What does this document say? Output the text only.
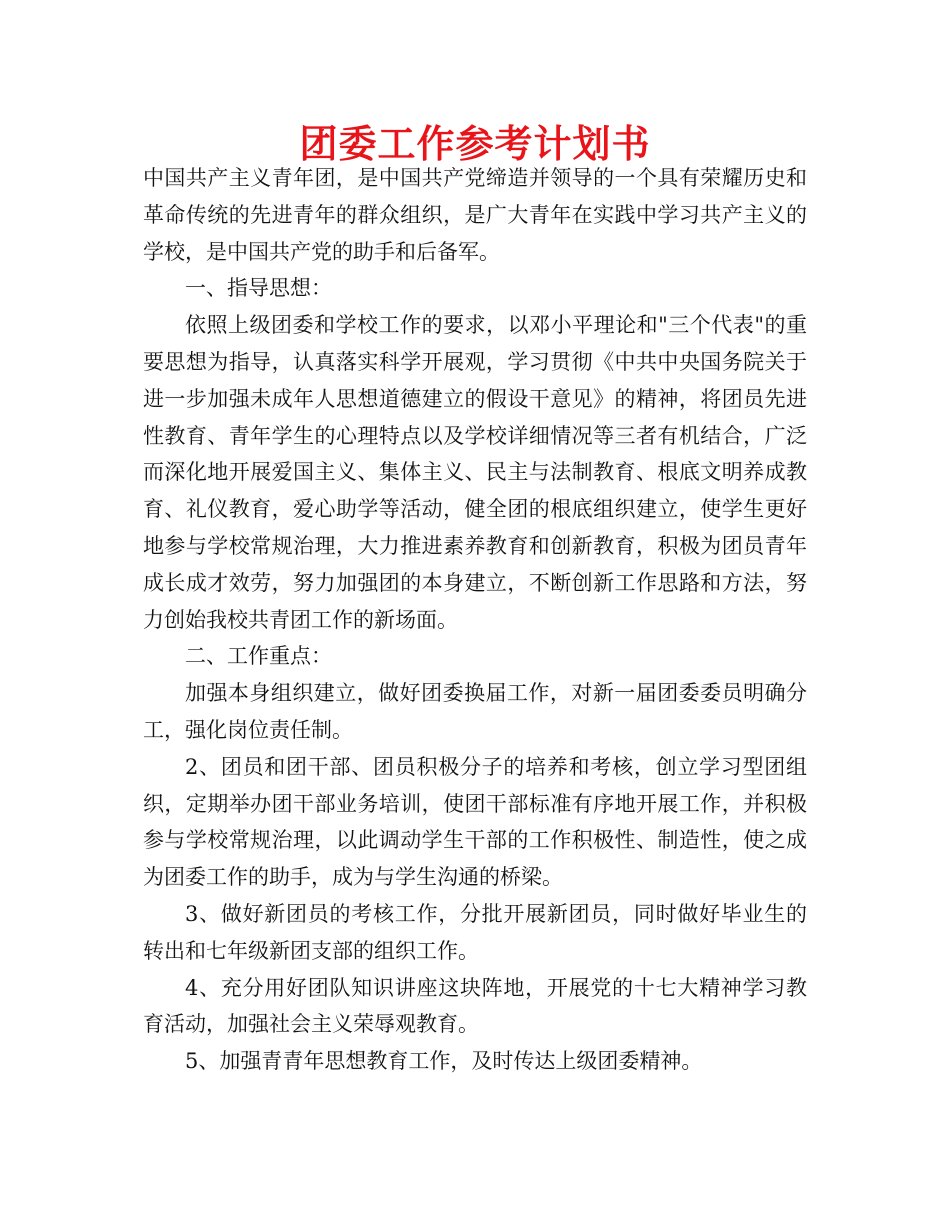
团委工作参考计划书

中国共产主义青年团，是中国共产党缔造并领导的一个具有荣耀历史和革命传统的先进青年的群众组织，是广大青年在实践中学习共产主义的学校，是中国共产党的助手和后备军。

一、指导思想：

依照上级团委和学校工作的要求，以邓小平理论和"三个代表"的重要思想为指导，认真落实科学开展观，学习贯彻《中共中央国务院关于进一步加强未成年人思想道德建立的假设干意见》的精神，将团员先进性教育、青年学生的心理特点以及学校详细情况等三者有机结合，广泛而深化地开展爱国主义、集体主义、民主与法制教育、根底文明养成教育、礼仪教育，爱心助学等活动，健全团的根底组织建立，使学生更好地参与学校常规治理，大力推进素养教育和创新教育，积极为团员青年成长成才效劳，努力加强团的本身建立，不断创新工作思路和方法，努力创始我校共青团工作的新场面。

二、工作重点：

加强本身组织建立，做好团委换届工作，对新一届团委委员明确分工，强化岗位责任制。

2、团员和团干部、团员积极分子的培养和考核，创立学习型团组织，定期举办团干部业务培训，使团干部标准有序地开展工作，并积极参与学校常规治理，以此调动学生干部的工作积极性、制造性，使之成为团委工作的助手，成为与学生沟通的桥梁。

3、做好新团员的考核工作，分批开展新团员，同时做好毕业生的转出和七年级新团支部的组织工作。

4、充分用好团队知识讲座这块阵地，开展党的十七大精神学习教育活动，加强社会主义荣辱观教育。

5、加强青青年思想教育工作，及时传达上级团委精神。
